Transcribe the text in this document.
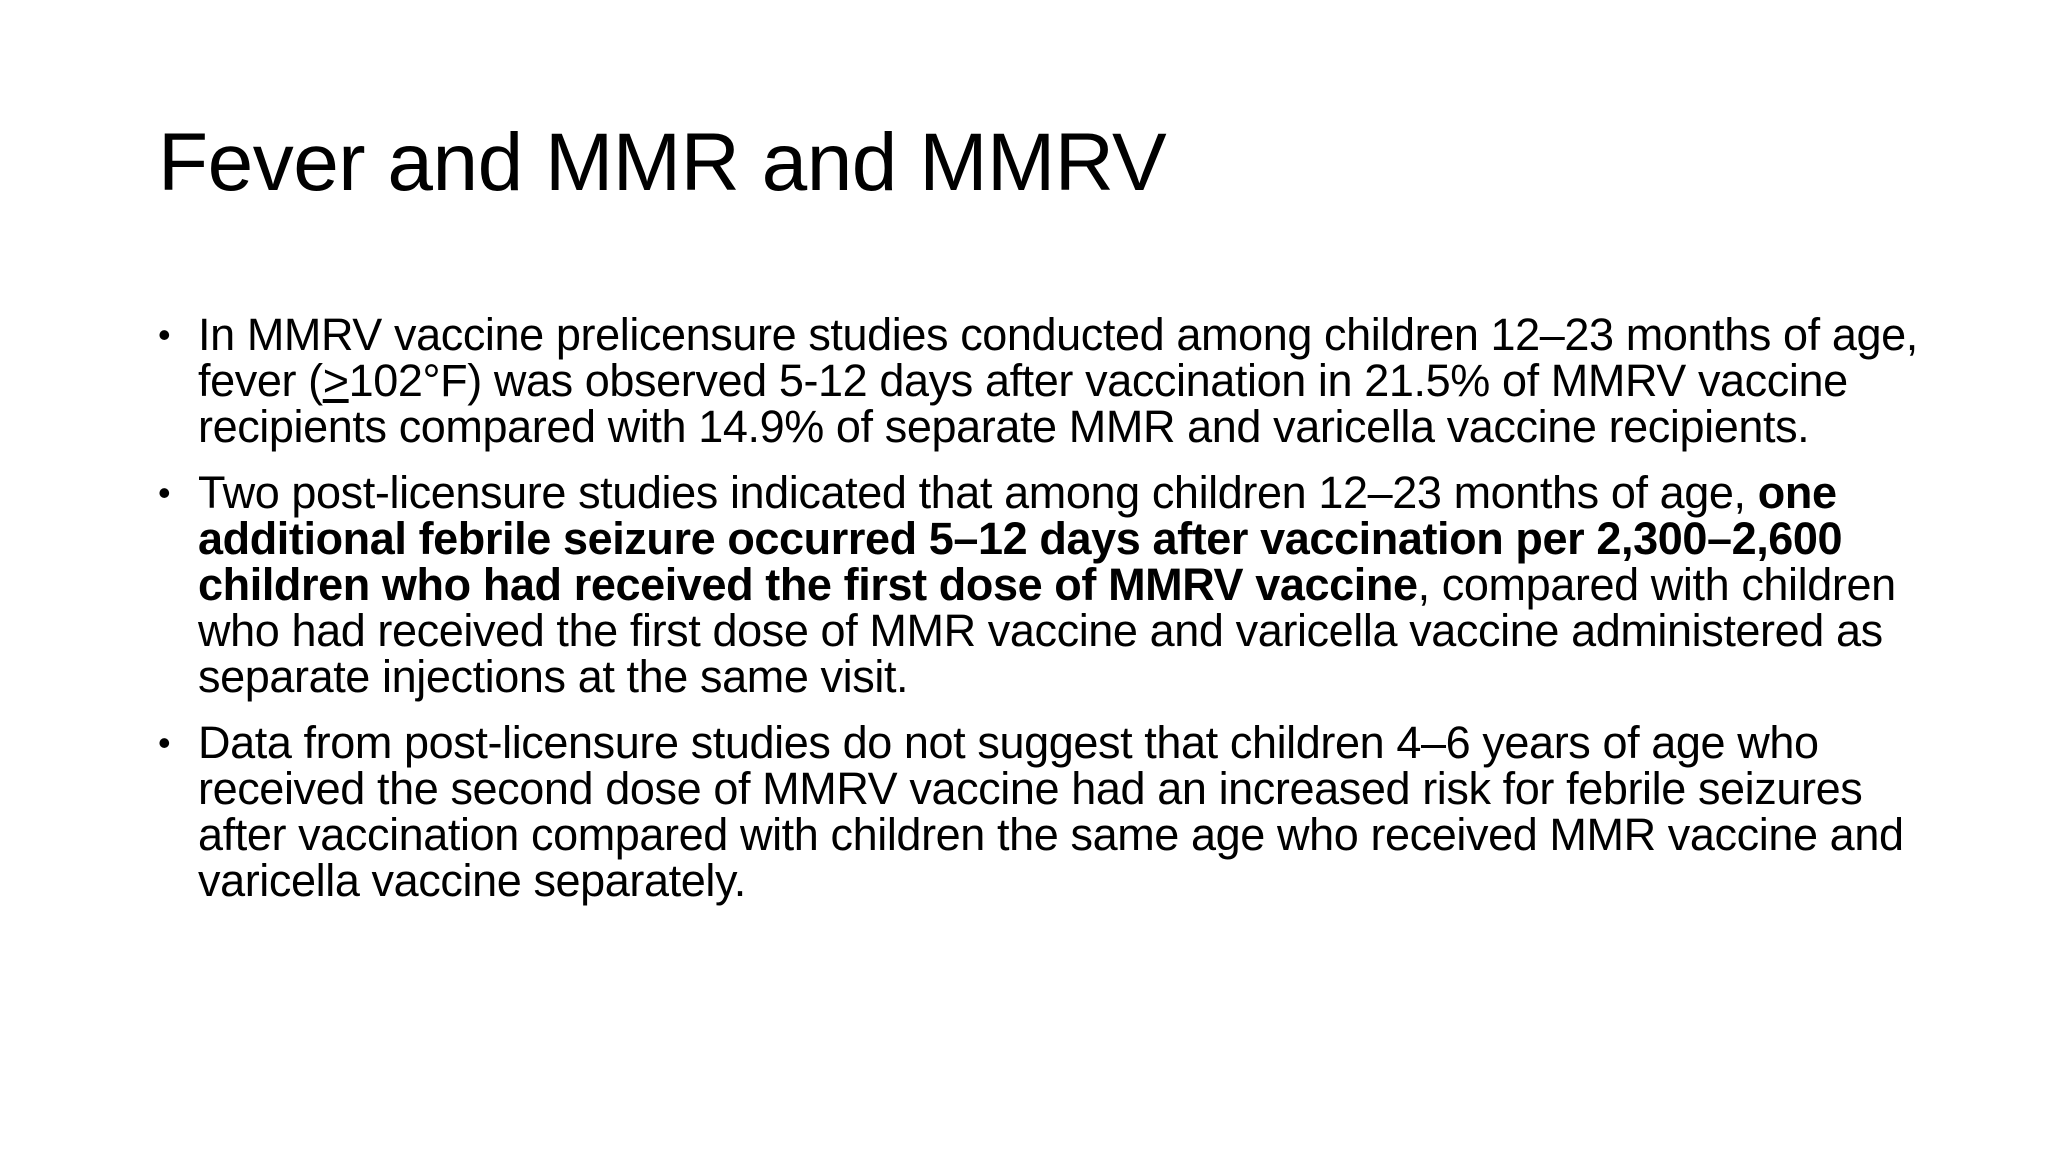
Fever and MMR and MMRV
• In MMRV vaccine prelicensure studies conducted among children 12–23 months of age, fever (>102°F) was observed 5-12 days after vaccination in 21.5% of MMRV vaccine recipients compared with 14.9% of separate MMR and varicella vaccine recipients.
• Two post-licensure studies indicated that among children 12–23 months of age, one additional febrile seizure occurred 5–12 days after vaccination per 2,300–2,600 children who had received the first dose of MMRV vaccine, compared with children who had received the first dose of MMR vaccine and varicella vaccine administered as separate injections at the same visit.
• Data from post-licensure studies do not suggest that children 4–6 years of age who received the second dose of MMRV vaccine had an increased risk for febrile seizures after vaccination compared with children the same age who received MMR vaccine and varicella vaccine separately.
